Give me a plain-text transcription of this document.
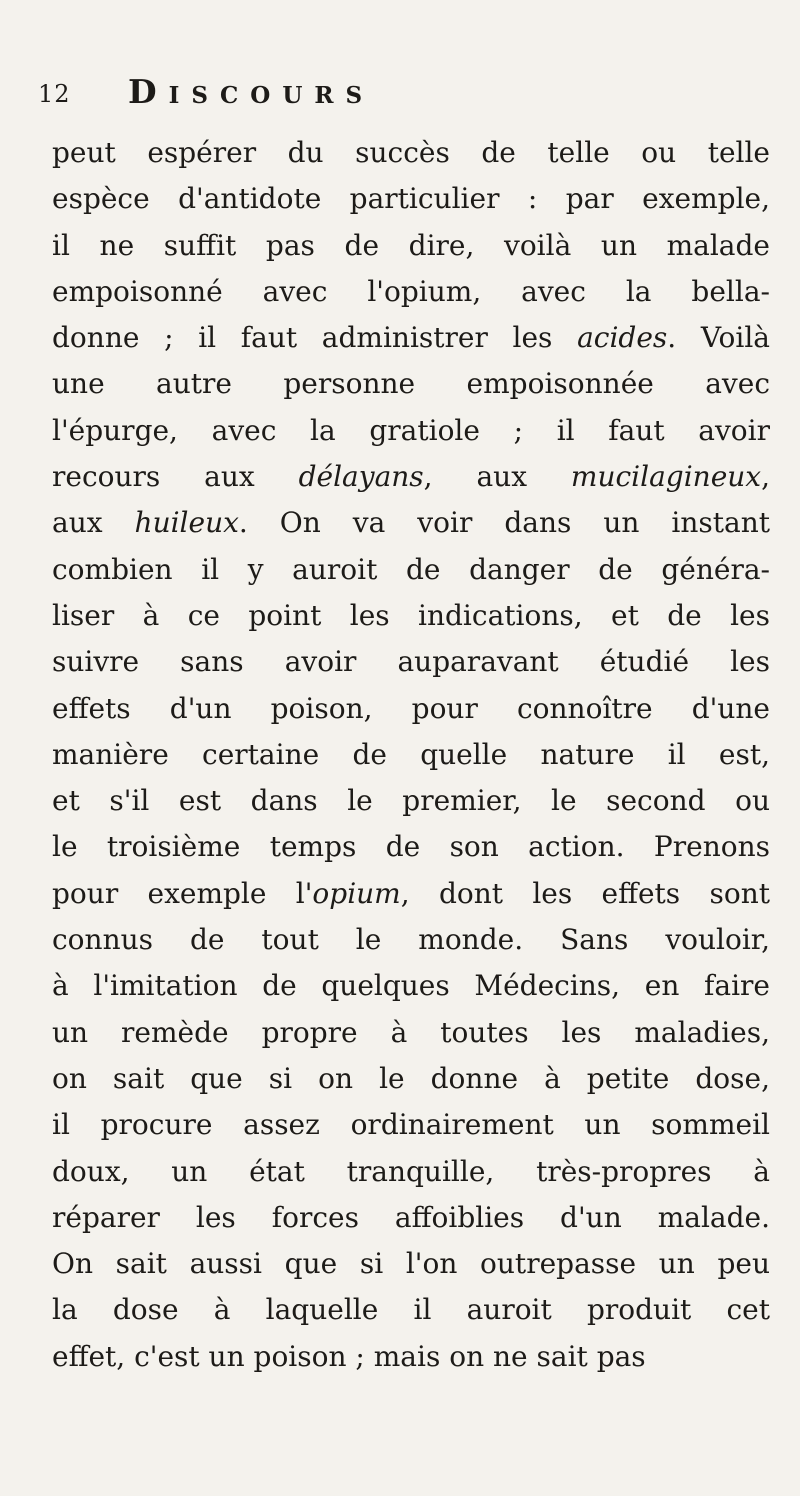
12 Discours
peut espérer du succès de telle ou telle
espèce d'antidote particulier : par exemple,
il ne suffit pas de dire, voilà un malade
empoisonné avec l'opium, avec la bella-
donne ; il faut administrer les acides. Voilà
une autre personne empoisonnée avec
l'épurge, avec la gratiole ; il faut avoir
recours aux délayans, aux mucilagineux,
aux huileux. On va voir dans un instant
combien il y auroit de danger de généra-
liser à ce point les indications, et de les
suivre sans avoir auparavant étudié les
effets d'un poison, pour connoître d'une
manière certaine de quelle nature il est,
et s'il est dans le premier, le second ou
le troisième temps de son action. Prenons
pour exemple l'opium, dont les effets sont
connus de tout le monde. Sans vouloir,
à l'imitation de quelques Médecins, en faire
un remède propre à toutes les maladies,
on sait que si on le donne à petite dose,
il procure assez ordinairement un sommeil
doux, un état tranquille, très-propres à
réparer les forces affoiblies d'un malade.
On sait aussi que si l'on outrepasse un peu
la dose à laquelle il auroit produit cet
effet, c'est un poison ; mais on ne sait pas
